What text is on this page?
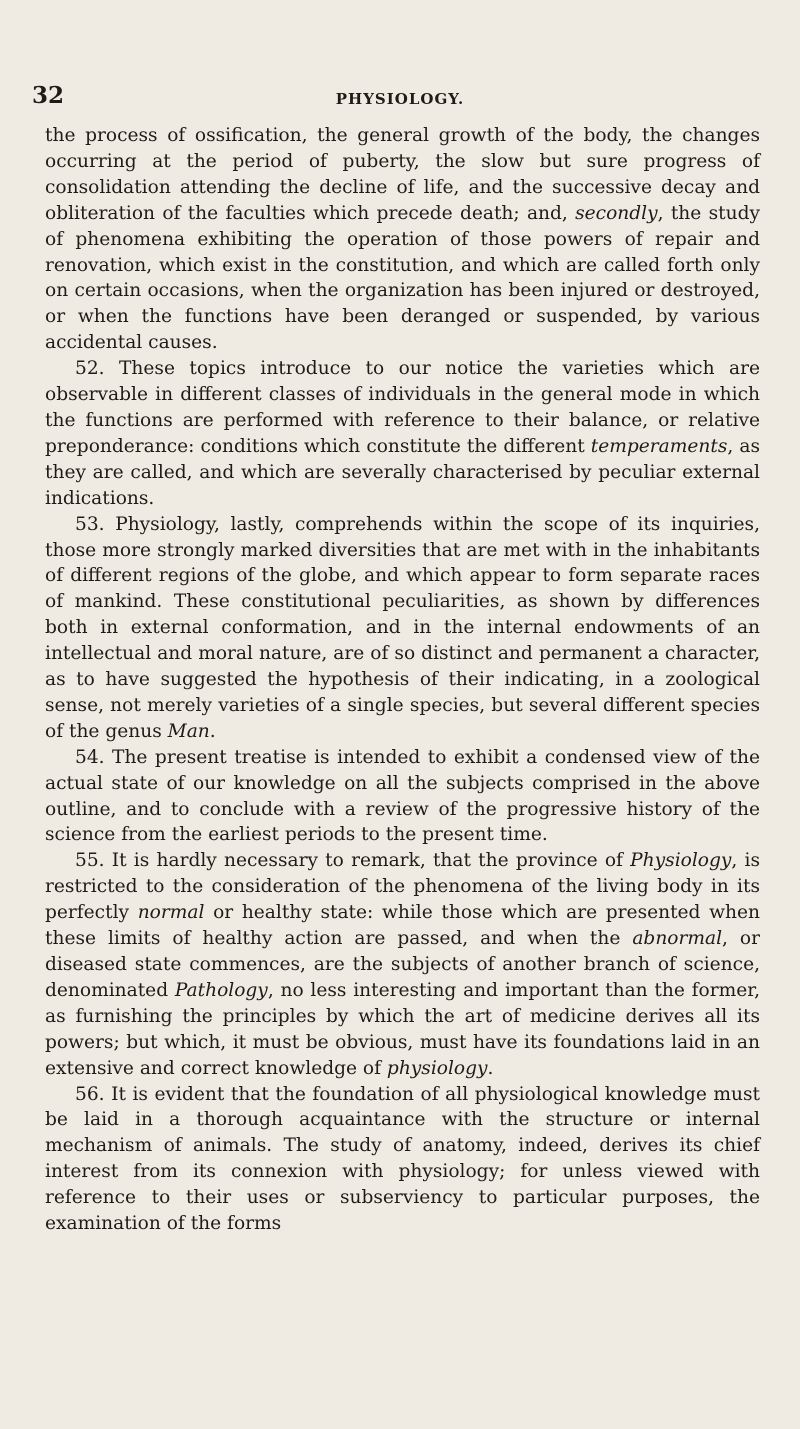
32	PHYSIOLOGY.

the process of ossification, the general growth of the body, the changes occurring at the period of puberty, the slow but sure progress of consolidation attending the decline of life, and the successive decay and obliteration of the faculties which precede death; and, secondly, the study of phenomena exhibiting the operation of those powers of repair and renovation, which exist in the constitution, and which are called forth only on certain occasions, when the organization has been injured or destroyed, or when the functions have been deranged or suspended, by various accidental causes.

52. These topics introduce to our notice the varieties which are observable in different classes of individuals in the general mode in which the functions are performed with reference to their balance, or relative preponderance: conditions which constitute the different temperaments, as they are called, and which are severally characterised by peculiar external indications.

53. Physiology, lastly, comprehends within the scope of its inquiries, those more strongly marked diversities that are met with in the inhabitants of different regions of the globe, and which appear to form separate races of mankind. These constitutional peculiarities, as shown by differences both in external conformation, and in the internal endowments of an intellectual and moral nature, are of so distinct and permanent a character, as to have suggested the hypothesis of their indicating, in a zoological sense, not merely varieties of a single species, but several different species of the genus Man.

54. The present treatise is intended to exhibit a condensed view of the actual state of our knowledge on all the subjects comprised in the above outline, and to conclude with a review of the progressive history of the science from the earliest periods to the present time.

55. It is hardly necessary to remark, that the province of Physiology, is restricted to the consideration of the phenomena of the living body in its perfectly normal or healthy state: while those which are presented when these limits of healthy action are passed, and when the abnormal, or diseased state commences, are the subjects of another branch of science, denominated Pathology, no less interesting and important than the former, as furnishing the principles by which the art of medicine derives all its powers; but which, it must be obvious, must have its foundations laid in an extensive and correct knowledge of physiology.

56. It is evident that the foundation of all physiological knowledge must be laid in a thorough acquaintance with the structure or internal mechanism of animals. The study of anatomy, indeed, derives its chief interest from its connexion with physiology; for unless viewed with reference to their uses or subserviency to particular purposes, the examination of the forms
